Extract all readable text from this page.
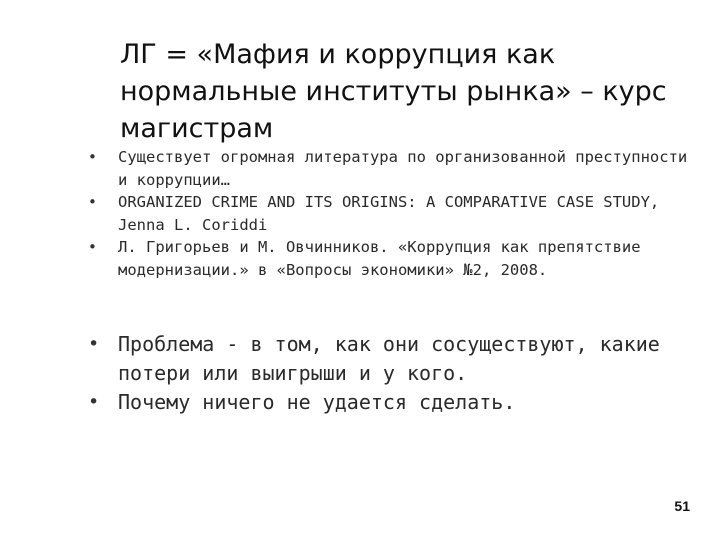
ЛГ = «Мафия и коррупция как нормальные институты рынка» – курс магистрам
• Существует огромная литература по организованной преступности и коррупции…
• ORGANIZED CRIME AND ITS ORIGINS: A COMPARATIVE CASE STUDY, Jenna L. Coriddi
• Л. Григорьев и М. Овчинников. «Коррупция как препятствие модернизации.» в «Вопросы экономики» №2, 2008.
• Проблема - в том, как они сосуществуют, какие потери или выигрыши и у кого.
• Почему ничего не удается сделать.
51
